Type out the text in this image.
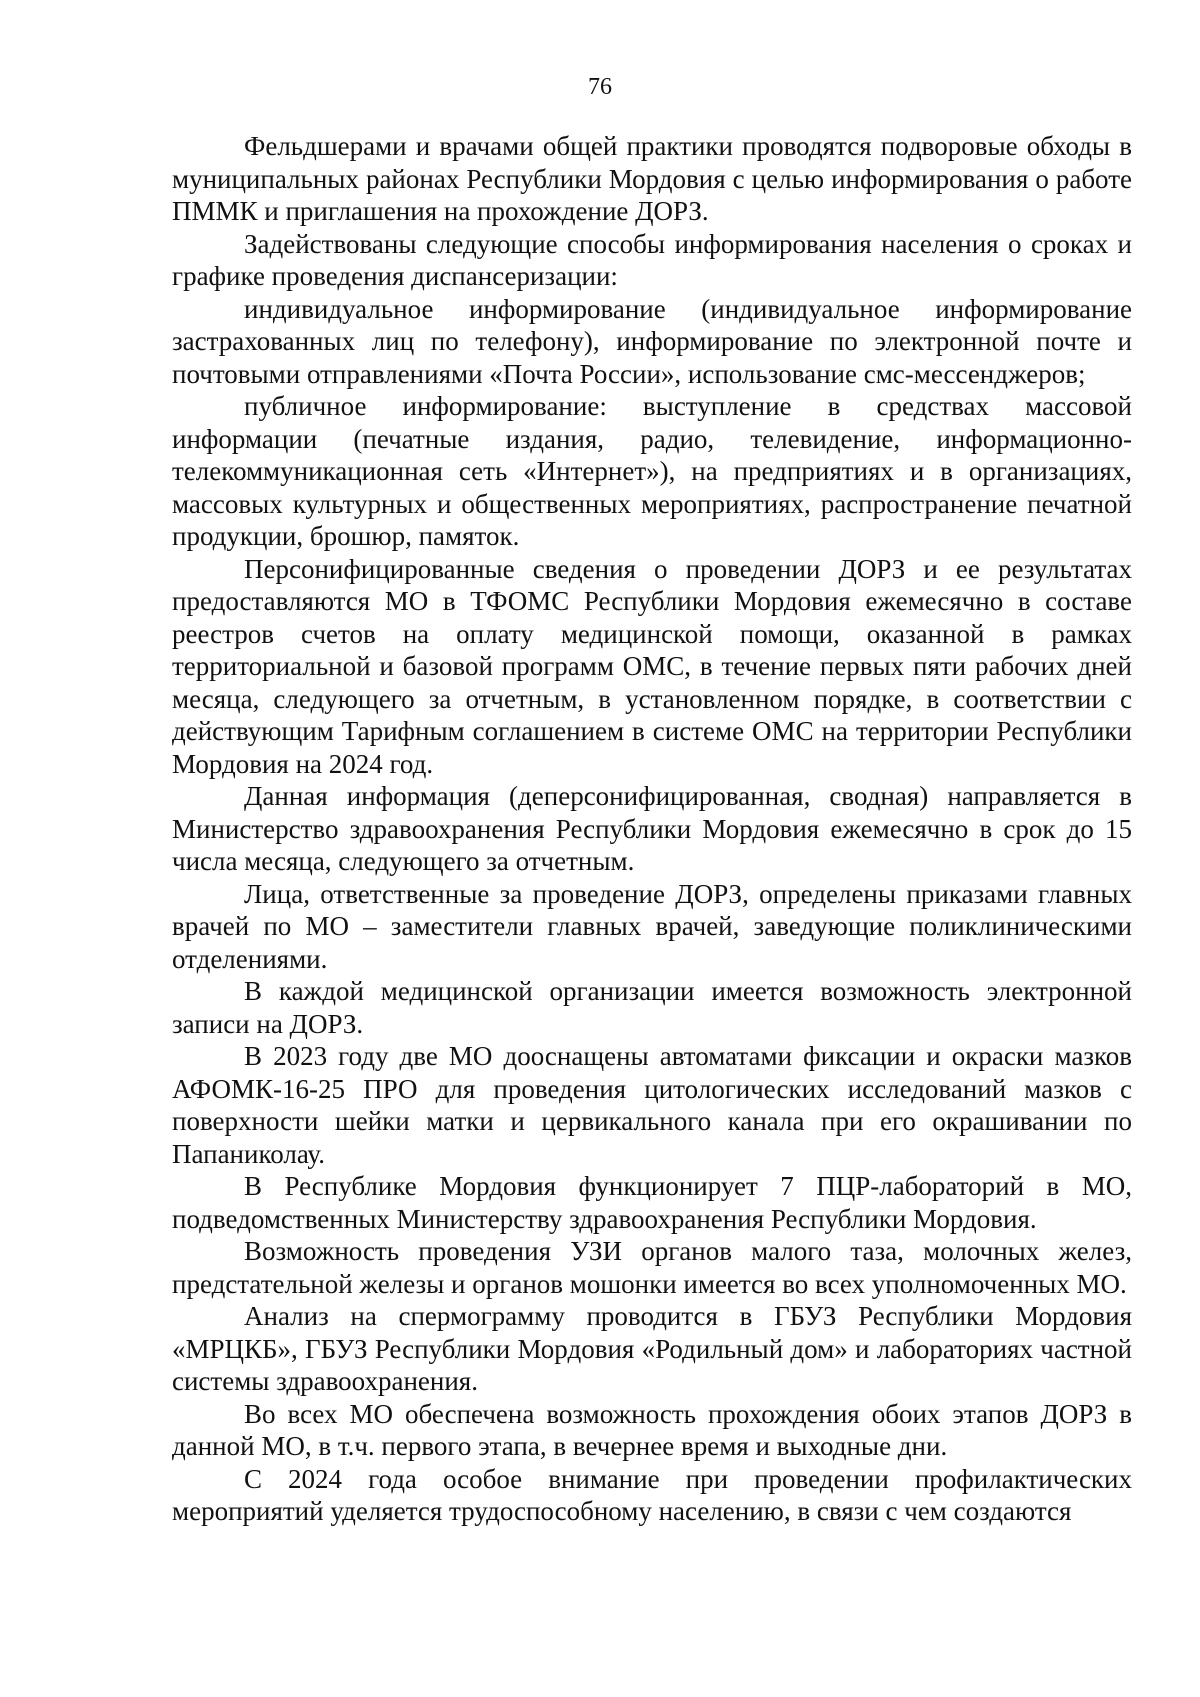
76

Фельдшерами и врачами общей практики проводятся подворовые обходы в муниципальных районах Республики Мордовия с целью информирования о работе ПММК и приглашения на прохождение ДОРЗ.

Задействованы следующие способы информирования населения о сроках и графике проведения диспансеризации:

индивидуальное информирование (индивидуальное информирование застрахованных лиц по телефону), информирование по электронной почте и почтовыми отправлениями «Почта России», использование смс-мессенджеров;

публичное информирование: выступление в средствах массовой информации (печатные издания, радио, телевидение, информационно-телекоммуникационная сеть «Интернет»), на предприятиях и в организациях, массовых культурных и общественных мероприятиях, распространение печатной продукции, брошюр, памяток.

Персонифицированные сведения о проведении ДОРЗ и ее результатах предоставляются МО в ТФОМС Республики Мордовия ежемесячно в составе реестров счетов на оплату медицинской помощи, оказанной в рамках территориальной и базовой программ ОМС, в течение первых пяти рабочих дней месяца, следующего за отчетным, в установленном порядке, в соответствии с действующим Тарифным соглашением в системе ОМС на территории Республики Мордовия на 2024 год.

Данная информация (деперсонифицированная, сводная) направляется в Министерство здравоохранения Республики Мордовия ежемесячно в срок до 15 числа месяца, следующего за отчетным.

Лица, ответственные за проведение ДОРЗ, определены приказами главных врачей по МО – заместители главных врачей, заведующие поликлиническими отделениями.

В каждой медицинской организации имеется возможность электронной записи на ДОРЗ.

В 2023 году две МО дооснащены автоматами фиксации и окраски мазков АФОМК-16-25 ПРО для проведения цитологических исследований мазков с поверхности шейки матки и цервикального канала при его окрашивании по Папаниколау.

В Республике Мордовия функционирует 7 ПЦР-лабораторий в МО, подведомственных Министерству здравоохранения Республики Мордовия.

Возможность проведения УЗИ органов малого таза, молочных желез, предстательной железы и органов мошонки имеется во всех уполномоченных МО.

Анализ на спермограмму проводится в ГБУЗ Республики Мордовия «МРЦКБ», ГБУЗ Республики Мордовия «Родильный дом» и лабораториях частной системы здравоохранения.

Во всех МО обеспечена возможность прохождения обоих этапов ДОРЗ в данной МО, в т.ч. первого этапа, в вечернее время и выходные дни.

С 2024 года особое внимание при проведении профилактических мероприятий уделяется трудоспособному населению, в связи с чем создаются
